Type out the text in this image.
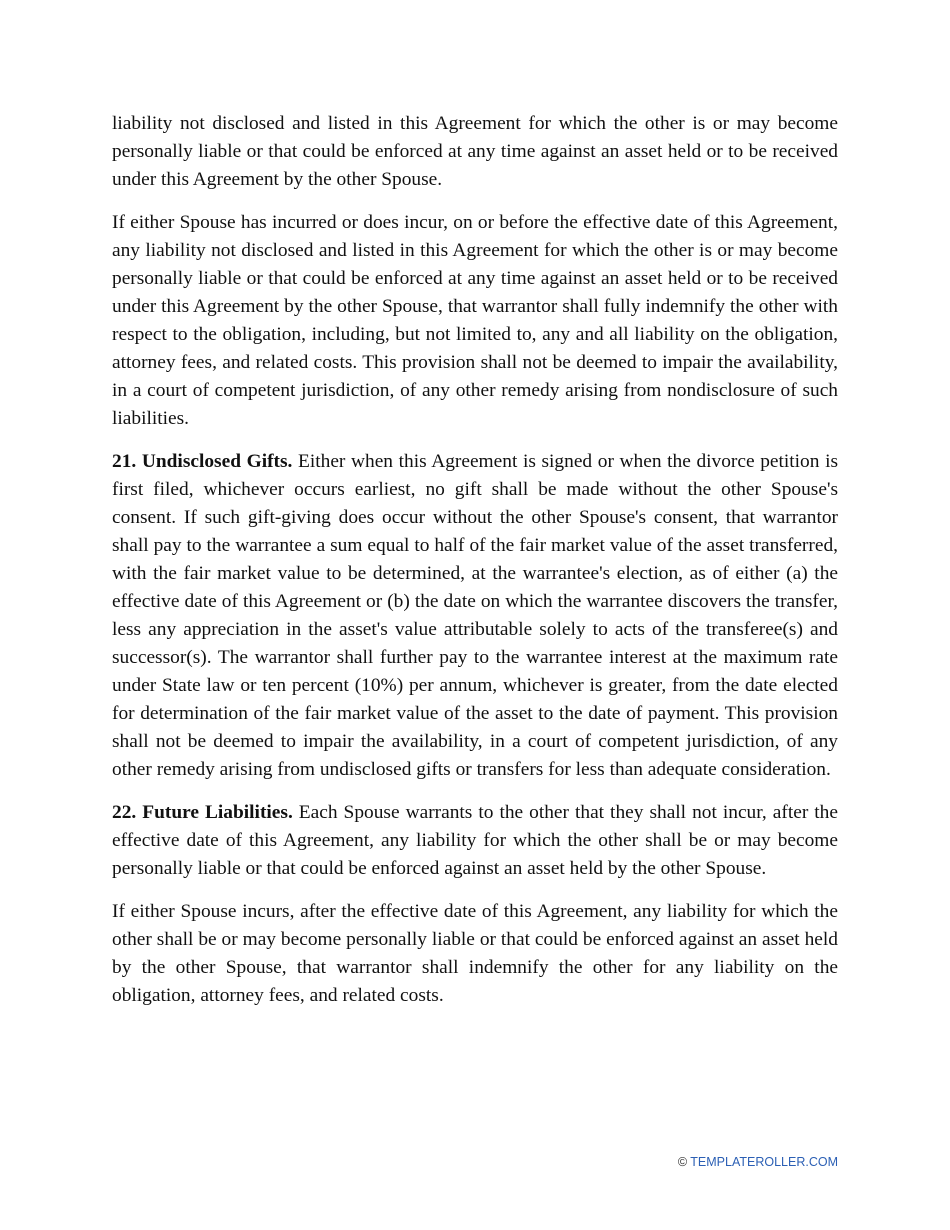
liability not disclosed and listed in this Agreement for which the other is or may become personally liable or that could be enforced at any time against an asset held or to be received under this Agreement by the other Spouse.

If either Spouse has incurred or does incur, on or before the effective date of this Agreement, any liability not disclosed and listed in this Agreement for which the other is or may become personally liable or that could be enforced at any time against an asset held or to be received under this Agreement by the other Spouse, that warrantor shall fully indemnify the other with respect to the obligation, including, but not limited to, any and all liability on the obligation, attorney fees, and related costs. This provision shall not be deemed to impair the availability, in a court of competent jurisdiction, of any other remedy arising from nondisclosure of such liabilities.

21. Undisclosed Gifts. Either when this Agreement is signed or when the divorce petition is first filed, whichever occurs earliest, no gift shall be made without the other Spouse's consent. If such gift-giving does occur without the other Spouse's consent, that warrantor shall pay to the warrantee a sum equal to half of the fair market value of the asset transferred, with the fair market value to be determined, at the warrantee's election, as of either (a) the effective date of this Agreement or (b) the date on which the warrantee discovers the transfer, less any appreciation in the asset's value attributable solely to acts of the transferee(s) and successor(s). The warrantor shall further pay to the warrantee interest at the maximum rate under State law or ten percent (10%) per annum, whichever is greater, from the date elected for determination of the fair market value of the asset to the date of payment. This provision shall not be deemed to impair the availability, in a court of competent jurisdiction, of any other remedy arising from undisclosed gifts or transfers for less than adequate consideration.

22. Future Liabilities. Each Spouse warrants to the other that they shall not incur, after the effective date of this Agreement, any liability for which the other shall be or may become personally liable or that could be enforced against an asset held by the other Spouse.

If either Spouse incurs, after the effective date of this Agreement, any liability for which the other shall be or may become personally liable or that could be enforced against an asset held by the other Spouse, that warrantor shall indemnify the other for any liability on the obligation, attorney fees, and related costs.

© TEMPLATEROLLER.COM
